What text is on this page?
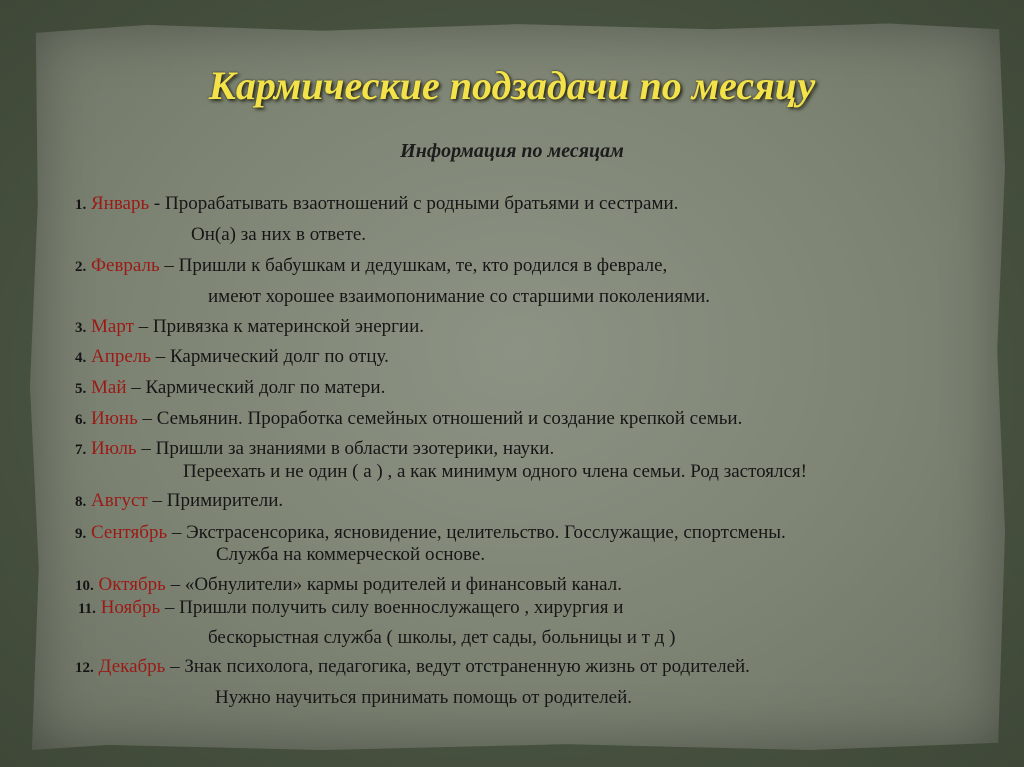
Кармические подзадачи по месяцу
Информация по месяцам
1. Январь - Прорабатывать взаотношений с родными братьями и сестрами.
Он(а) за них в ответе.
2. Февраль – Пришли к бабушкам и дедушкам, те, кто родился в феврале,
имеют хорошее взаимопонимание со старшими поколениями.
3. Март – Привязка к материнской энергии.
4. Апрель – Кармический долг по отцу.
5. Май – Кармический долг по матери.
6. Июнь – Семьянин. Проработка семейных отношений и создание крепкой семьи.
7. Июль – Пришли за знаниями в области эзотерики, науки.
Переехать и не один ( а ) , а как минимум одного члена семьи. Род застоялся!
8. Август – Примирители.
9. Сентябрь – Экстрасенсорика, ясновидение, целительство. Госслужащие, спортсмены.
Служба на коммерческой основе.
10. Октябрь – «Обнулители» кармы родителей и финансовый канал.
11. Ноябрь – Пришли получить силу военнослужащего , хирургия и
бескорыстная служба ( школы, дет сады, больницы и т д )
12. Декабрь – Знак психолога, педагогика, ведут отстраненную жизнь от родителей.
Нужно научиться принимать помощь от родителей.
